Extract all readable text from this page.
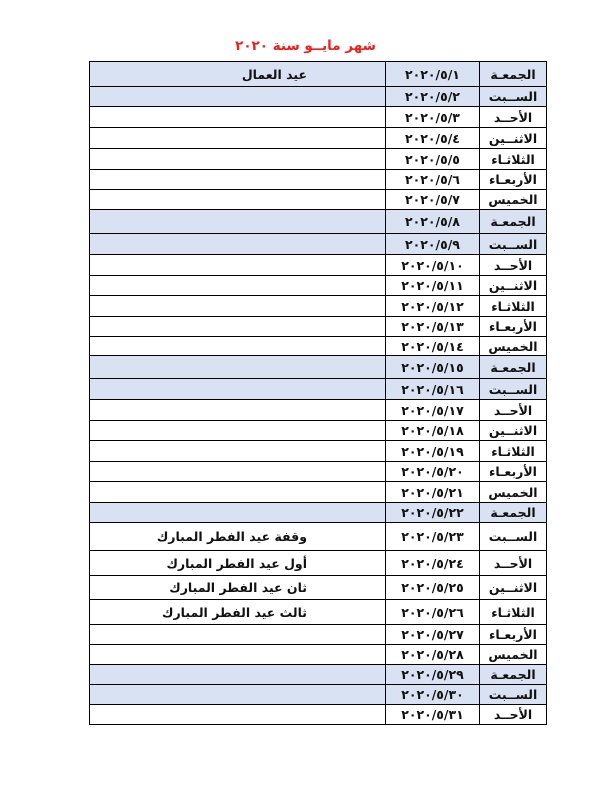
شهر مايــو سنة ٢٠٢٠
الجمعـة	٢٠٢٠/٥/١	عيد العمال
الســبت	٢٠٢٠/٥/٢	
الأحــد	٢٠٢٠/٥/٣	
الاثنــين	٢٠٢٠/٥/٤	
الثلاثـاء	٢٠٢٠/٥/٥	
الأربعـاء	٢٠٢٠/٥/٦	
الخميس	٢٠٢٠/٥/٧	
الجمعـة	٢٠٢٠/٥/٨	
الســبت	٢٠٢٠/٥/٩	
الأحــد	٢٠٢٠/٥/١٠	
الاثنــين	٢٠٢٠/٥/١١	
الثلاثـاء	٢٠٢٠/٥/١٢	
الأربعـاء	٢٠٢٠/٥/١٣	
الخميس	٢٠٢٠/٥/١٤	
الجمعـة	٢٠٢٠/٥/١٥	
الســبت	٢٠٢٠/٥/١٦	
الأحــد	٢٠٢٠/٥/١٧	
الاثنــين	٢٠٢٠/٥/١٨	
الثلاثـاء	٢٠٢٠/٥/١٩	
الأربعـاء	٢٠٢٠/٥/٢٠	
الخميس	٢٠٢٠/٥/٢١	
الجمعـة	٢٠٢٠/٥/٢٢	
الســبت	٢٠٢٠/٥/٢٣	وقفة عيد الفطر المبارك
الأحــد	٢٠٢٠/٥/٢٤	أول عيد الفطر المبارك
الاثنــين	٢٠٢٠/٥/٢٥	ثان عيد الفطر المبارك
الثلاثـاء	٢٠٢٠/٥/٢٦	ثالث عيد الفطر المبارك
الأربعـاء	٢٠٢٠/٥/٢٧	
الخميس	٢٠٢٠/٥/٢٨	
الجمعـة	٢٠٢٠/٥/٢٩	
الســبت	٢٠٢٠/٥/٣٠	
الأحــد	٢٠٢٠/٥/٣١	
